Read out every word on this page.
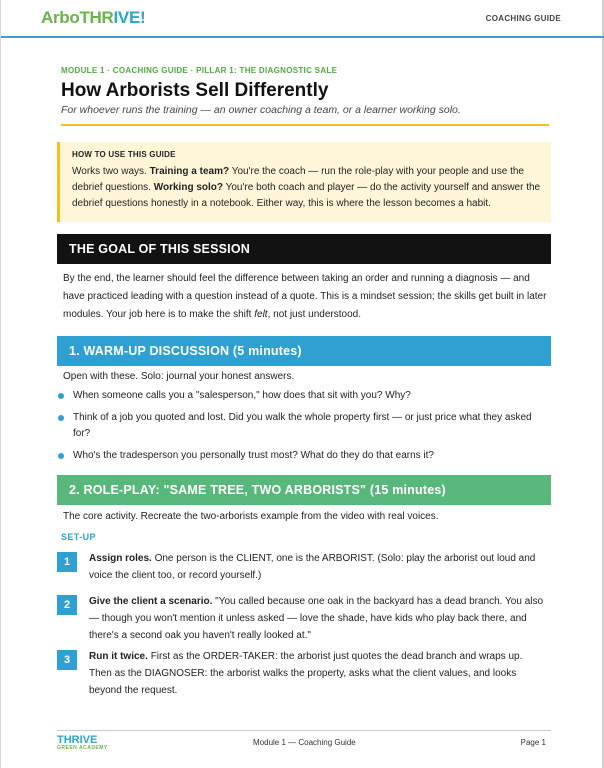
ArboTHRIVE!	COACHING GUIDE
MODULE 1 · COACHING GUIDE · PILLAR 1: THE DIAGNOSTIC SALE
How Arborists Sell Differently
For whoever runs the training — an owner coaching a team, or a learner working solo.
HOW TO USE THIS GUIDE

Works two ways. Training a team? You're the coach — run the role-play with your people and use the debrief questions. Working solo? You're both coach and player — do the activity yourself and answer the debrief questions honestly in a notebook. Either way, this is where the lesson becomes a habit.

THE GOAL OF THIS SESSION
By the end, the learner should feel the difference between taking an order and running a diagnosis — and have practiced leading with a question instead of a quote. This is a mindset session; the skills get built in later modules. Your job here is to make the shift felt, not just understood.
1. WARM-UP DISCUSSION (5 minutes)
Open with these. Solo: journal your honest answers.
When someone calls you a "salesperson," how does that sit with you? Why?
Think of a job you quoted and lost. Did you walk the whole property first — or just price what they asked for?
Who's the tradesperson you personally trust most? What do they do that earns it?
2. ROLE-PLAY: "SAME TREE, TWO ARBORISTS" (15 minutes)
The core activity. Recreate the two-arborists example from the video with real voices.
SET-UP
1	Assign roles. One person is the CLIENT, one is the ARBORIST. (Solo: play the arborist out loud and voice the client too, or record yourself.)
2	Give the client a scenario. "You called because one oak in the backyard has a dead branch. You also — though you won't mention it unless asked — love the shade, have kids who play back there, and there's a second oak you haven't really looked at."
3	Run it twice. First as the ORDER-TAKER: the arborist just quotes the dead branch and wraps up. Then as the DIAGNOSER: the arborist walks the property, asks what the client values, and looks beyond the request.
THRIVE
GREEN ACADEMY
Module 1 — Coaching Guide	Page 1
